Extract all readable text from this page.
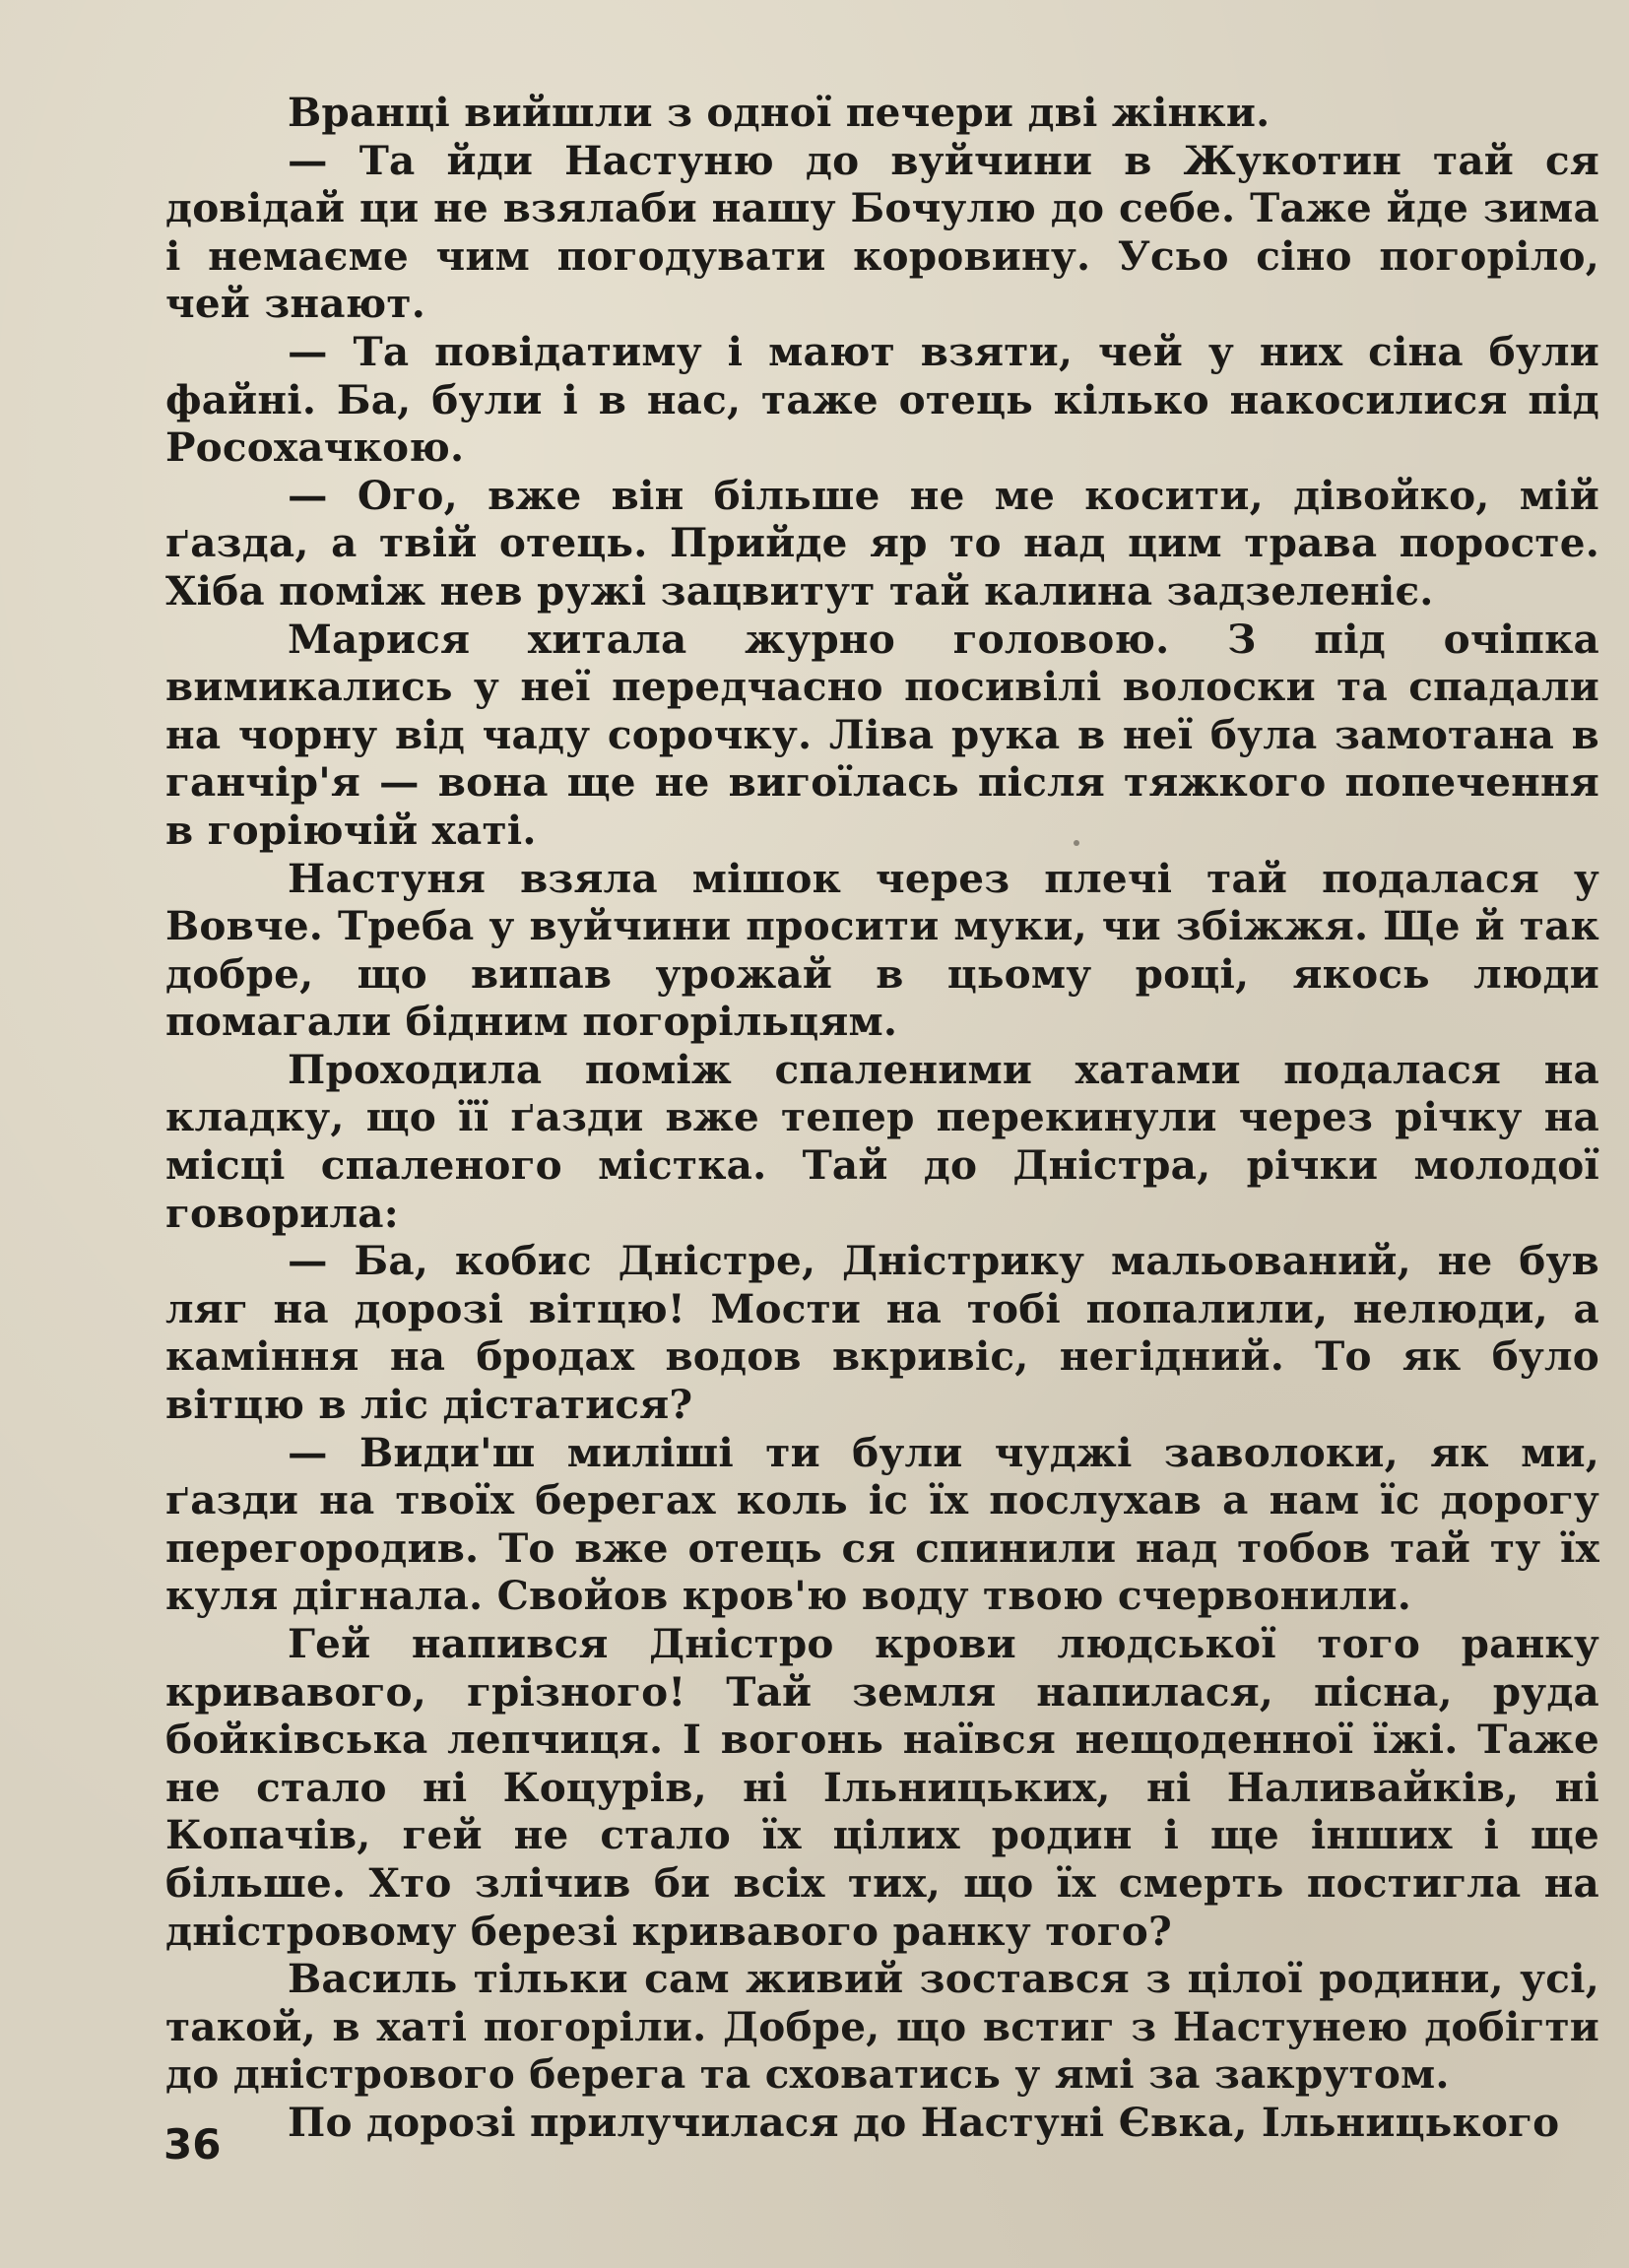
Вранці вийшли з одної печери дві жінки.

— Та йди Настуню до вуйчини в Жукотин тай ся довідай ци не взялаби нашу Бочулю до себе. Таже йде зима і немаєме чим погодувати коровину. Усьо сіно погоріло, чей знают.

— Та повідатиму і мают взяти, чей у них сіна були файні. Ба, були і в нас, таже отець кілько накосилися під Росохачкою.

— Ого, вже він більше не ме косити, дівойко, мій ґазда, а твій отець. Прийде яр то над цим трава поросте. Хіба поміж нев ружі зацвитут тай калина задзеленіє.

Марися хитала журно головою. З під очіпка вимикались у неї передчасно посивілі волоски та спадали на чорну від чаду сорочку. Ліва рука в неї була замотана в ганчір'я — вона ще не вигоїлась після тяжкого попечення в горіючій хаті.

Настуня взяла мішок через плечі тай подалася у Вовче. Треба у вуйчини просити муки, чи збіжжя. Ще й так добре, що випав урожай в цьому році, якось люди помагали бідним погорільцям.

Проходила поміж спаленими хатами подалася на кладку, що її ґазди вже тепер перекинули через річку на місці спаленого містка. Тай до Дністра, річки молодої говорила:

— Ба, кобис Дністре, Дністрику мальований, не був ляг на дорозі вітцю! Мости на тобі попалили, нелюди, а каміння на бродах водов вкривіс, негідний. То як було вітцю в ліс дістатися?

— Види'ш миліші ти були чуджі заволоки, як ми, ґазди на твоїх берегах коль іс їх послухав а нам їс дорогу перегородив. То вже отець ся спинили над тобов тай ту їх куля дігнала. Свойов кров'ю воду твою счервонили.

Гей напився Дністро крови людської того ранку кривавого, грізного! Тай земля напилася, пісна, руда бойківська лепчиця. І вогонь наївся нещоденної їжі. Таже не стало ні Коцурів, ні Ільницьких, ні Наливайків, ні Копачів, гей не стало їх цілих родин і ще інших і ще більше. Хто злічив би всіх тих, що їх смерть постигла на дністровому березі кривавого ранку того?

Василь тільки сам живий зостався з цілої родини, усі, такой, в хаті погоріли. Добре, що встиг з Настунею добігти до дністрового берега та сховатись у ямі за закрутом.

По дорозі прилучилася до Настуні Євка, Ільницького

36
